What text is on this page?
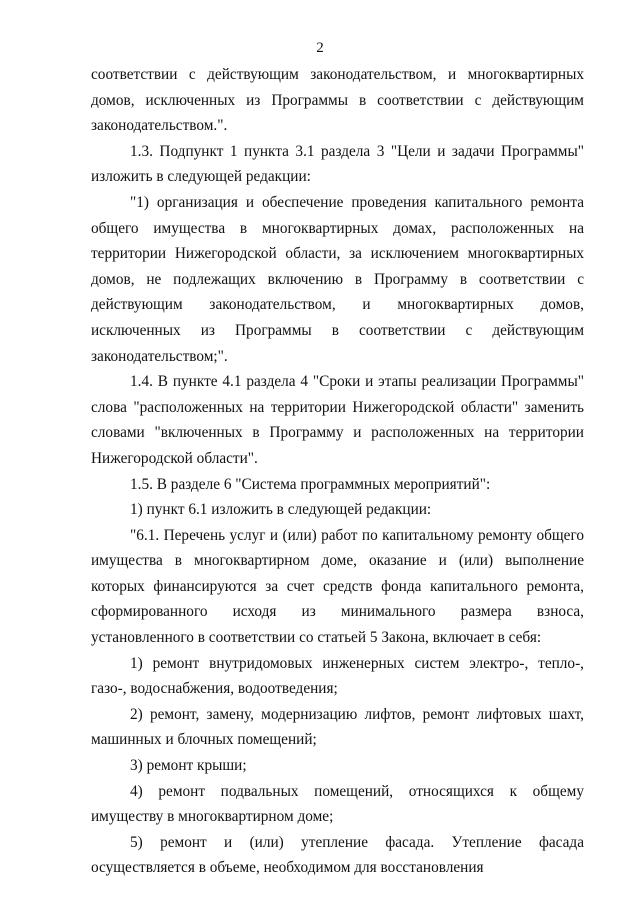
2

соответствии с действующим законодательством, и многоквартирных домов, исключенных из Программы в соответствии с действующим законодательством.".

1.3. Подпункт 1 пункта 3.1 раздела 3 "Цели и задачи Программы" изложить в следующей редакции:

"1) организация и обеспечение проведения капитального ремонта общего имущества в многоквартирных домах, расположенных на территории Нижегородской области, за исключением многоквартирных домов, не подлежащих включению в Программу в соответствии с действующим законодательством, и многоквартирных домов, исключенных из Программы в соответствии с действующим законодательством;".

1.4. В пункте 4.1 раздела 4 "Сроки и этапы реализации Программы" слова "расположенных на территории Нижегородской области" заменить словами "включенных в Программу и расположенных на территории Нижегородской области".

1.5. В разделе 6 "Система программных мероприятий":

1) пункт 6.1 изложить в следующей редакции:

"6.1. Перечень услуг и (или) работ по капитальному ремонту общего имущества в многоквартирном доме, оказание и (или) выполнение которых финансируются за счет средств фонда капитального ремонта, сформированного исходя из минимального размера взноса, установленного в соответствии со статьей 5 Закона, включает в себя:

1) ремонт внутридомовых инженерных систем электро-, тепло-, газо-, водоснабжения, водоотведения;

2) ремонт, замену, модернизацию лифтов, ремонт лифтовых шахт, машинных и блочных помещений;

3) ремонт крыши;

4) ремонт подвальных помещений, относящихся к общему имуществу в многоквартирном доме;

5) ремонт и (или) утепление фасада. Утепление фасада осуществляется в объеме, необходимом для восстановления
